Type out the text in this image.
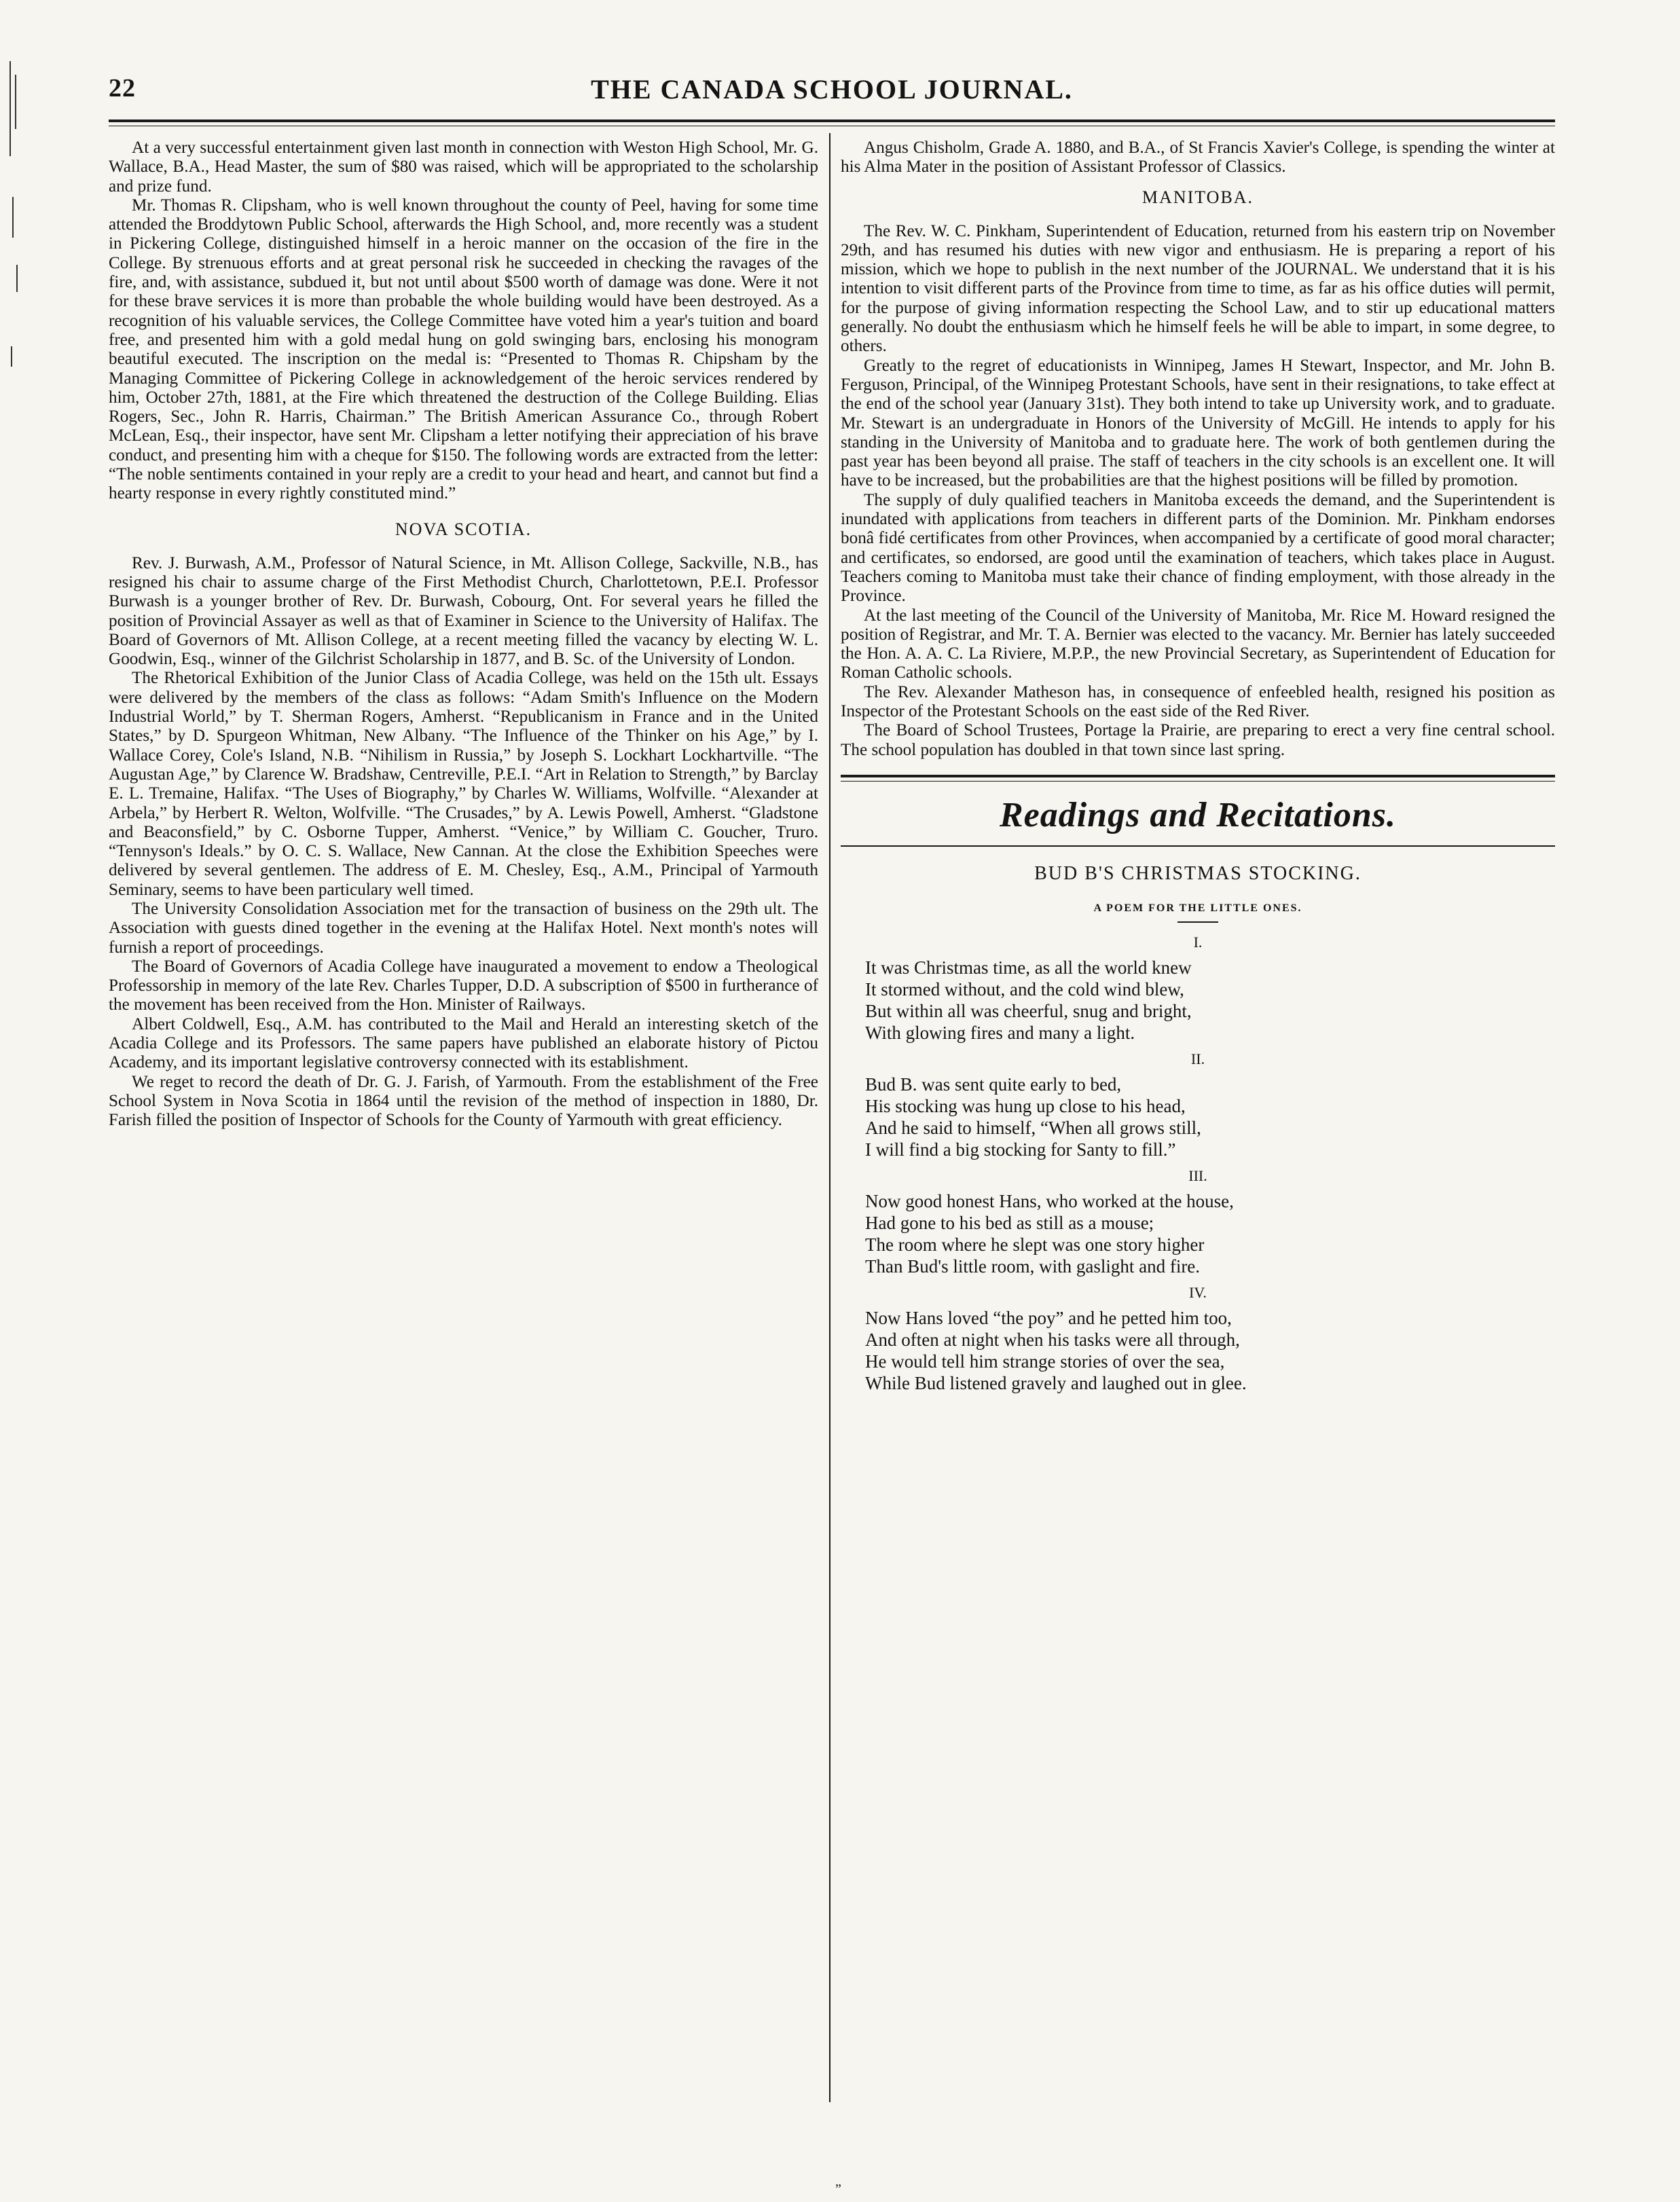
22	THE CANADA SCHOOL JOURNAL.

At a very successful entertainment given last month in connection with Weston High School, Mr. G. Wallace, B.A., Head Master, the sum of $80 was raised, which will be appropriated to the scholarship and prize fund.

Mr. Thomas R. Clipsham, who is well known throughout the county of Peel, having for some time attended the Broddytown Public School, afterwards the High School, and, more recently was a student in Pickering College, distinguished himself in a heroic manner on the occasion of the fire in the College. By strenuous efforts and at great personal risk he succeeded in checking the ravages of the fire, and, with assistance, subdued it, but not until about $500 worth of damage was done. Were it not for these brave services it is more than probable the whole building would have been destroyed. As a recognition of his valuable services, the College Committee have voted him a year's tuition and board free, and presented him with a gold medal hung on gold swinging bars, enclosing his monogram beautiful executed. The inscription on the medal is: “Presented to Thomas R. Chipsham by the Managing Committee of Pickering College in acknowledgement of the heroic services rendered by him, October 27th, 1881, at the Fire which threatened the destruction of the College Building. Elias Rogers, Sec., John R. Harris, Chairman.” The British American Assurance Co., through Robert McLean, Esq., their inspector, have sent Mr. Clipsham a letter notifying their appreciation of his brave conduct, and presenting him with a cheque for $150. The following words are extracted from the letter: “The noble sentiments contained in your reply are a credit to your head and heart, and cannot but find a hearty response in every rightly constituted mind.”

NOVA SCOTIA.

Rev. J. Burwash, A.M., Professor of Natural Science, in Mt. Allison College, Sackville, N.B., has resigned his chair to assume charge of the First Methodist Church, Charlottetown, P.E.I. Professor Burwash is a younger brother of Rev. Dr. Burwash, Cobourg, Ont. For several years he filled the position of Provincial Assayer as well as that of Examiner in Science to the University of Halifax. The Board of Governors of Mt. Allison College, at a recent meeting filled the vacancy by electing W. L. Goodwin, Esq., winner of the Gilchrist Scholarship in 1877, and B. Sc. of the University of London.

The Rhetorical Exhibition of the Junior Class of Acadia College, was held on the 15th ult. Essays were delivered by the members of the class as follows: “Adam Smith's Influence on the Modern Industrial World,” by T. Sherman Rogers, Amherst. “Republicanism in France and in the United States,” by D. Spurgeon Whitman, New Albany. “The Influence of the Thinker on his Age,” by I. Wallace Corey, Cole's Island, N.B. “Nihilism in Russia,” by Joseph S. Lockhart Lockhartville. “The Augustan Age,” by Clarence W. Bradshaw, Centreville, P.E.I. “Art in Relation to Strength,” by Barclay E. L. Tremaine, Halifax. “The Uses of Biography,” by Charles W. Williams, Wolfville. “Alexander at Arbela,” by Herbert R. Welton, Wolfville. “The Crusades,” by A. Lewis Powell, Amherst. “Gladstone and Beaconsfield,” by C. Osborne Tupper, Amherst. “Venice,” by William C. Goucher, Truro. “Tennyson's Ideals.” by O. C. S. Wallace, New Cannan. At the close the Exhibition Speeches were delivered by several gentlemen. The address of E. M. Chesley, Esq., A.M., Principal of Yarmouth Seminary, seems to have been particulary well timed.

The University Consolidation Association met for the transaction of business on the 29th ult. The Association with guests dined together in the evening at the Halifax Hotel. Next month's notes will furnish a report of proceedings.

The Board of Governors of Acadia College have inaugurated a movement to endow a Theological Professorship in memory of the late Rev. Charles Tupper, D.D. A subscription of $500 in furtherance of the movement has been received from the Hon. Minister of Railways.

Albert Coldwell, Esq., A.M. has contributed to the Mail and Herald an interesting sketch of the Acadia College and its Professors. The same papers have published an elaborate history of Pictou Academy, and its important legislative controversy connected with its establishment.

We reget to record the death of Dr. G. J. Farish, of Yarmouth. From the establishment of the Free School System in Nova Scotia in 1864 until the revision of the method of inspection in 1880, Dr. Farish filled the position of Inspector of Schools for the County of Yarmouth with great efficiency.

Angus Chisholm, Grade A. 1880, and B.A., of St Francis Xavier's College, is spending the winter at his Alma Mater in the position of Assistant Professor of Classics.

MANITOBA.

The Rev. W. C. Pinkham, Superintendent of Education, returned from his eastern trip on November 29th, and has resumed his duties with new vigor and enthusiasm. He is preparing a report of his mission, which we hope to publish in the next number of the JOURNAL. We understand that it is his intention to visit different parts of the Province from time to time, as far as his office duties will permit, for the purpose of giving information respecting the School Law, and to stir up educational matters generally. No doubt the enthusiasm which he himself feels he will be able to impart, in some degree, to others.

Greatly to the regret of educationists in Winnipeg, James H Stewart, Inspector, and Mr. John B. Ferguson, Principal, of the Winnipeg Protestant Schools, have sent in their resignations, to take effect at the end of the school year (January 31st). They both intend to take up University work, and to graduate. Mr. Stewart is an undergraduate in Honors of the University of McGill. He intends to apply for his standing in the University of Manitoba and to graduate here. The work of both gentlemen during the past year has been beyond all praise. The staff of teachers in the city schools is an excellent one. It will have to be increased, but the probabilities are that the highest positions will be filled by promotion.

The supply of duly qualified teachers in Manitoba exceeds the demand, and the Superintendent is inundated with applications from teachers in different parts of the Dominion. Mr. Pinkham endorses bonâ fidé certificates from other Provinces, when accompanied by a certificate of good moral character; and certificates, so endorsed, are good until the examination of teachers, which takes place in August. Teachers coming to Manitoba must take their chance of finding employment, with those already in the Province.

At the last meeting of the Council of the University of Manitoba, Mr. Rice M. Howard resigned the position of Registrar, and Mr. T. A. Bernier was elected to the vacancy. Mr. Bernier has lately succeeded the Hon. A. A. C. La Riviere, M.P.P., the new Provincial Secretary, as Superintendent of Education for Roman Catholic schools.

The Rev. Alexander Matheson has, in consequence of enfeebled health, resigned his position as Inspector of the Protestant Schools on the east side of the Red River.

The Board of School Trustees, Portage la Prairie, are preparing to erect a very fine central school. The school population has doubled in that town since last spring.

Readings and Recitations.
BUD B'S CHRISTMAS STOCKING.
A POEM FOR THE LITTLE ONES.
I.
It was Christmas time, as all the world knew
It stormed without, and the cold wind blew,
But within all was cheerful, snug and bright,
With glowing fires and many a light.
II.
Bud B. was sent quite early to bed,
His stocking was hung up close to his head,
And he said to himself, “When all grows still,
I will find a big stocking for Santy to fill.”
III.
Now good honest Hans, who worked at the house,
Had gone to his bed as still as a mouse;
The room where he slept was one story higher
Than Bud's little room, with gaslight and fire.
IV.
Now Hans loved “the poy” and he petted him too,
And often at night when his tasks were all through,
He would tell him strange stories of over the sea,
While Bud listened gravely and laughed out in glee.
„
